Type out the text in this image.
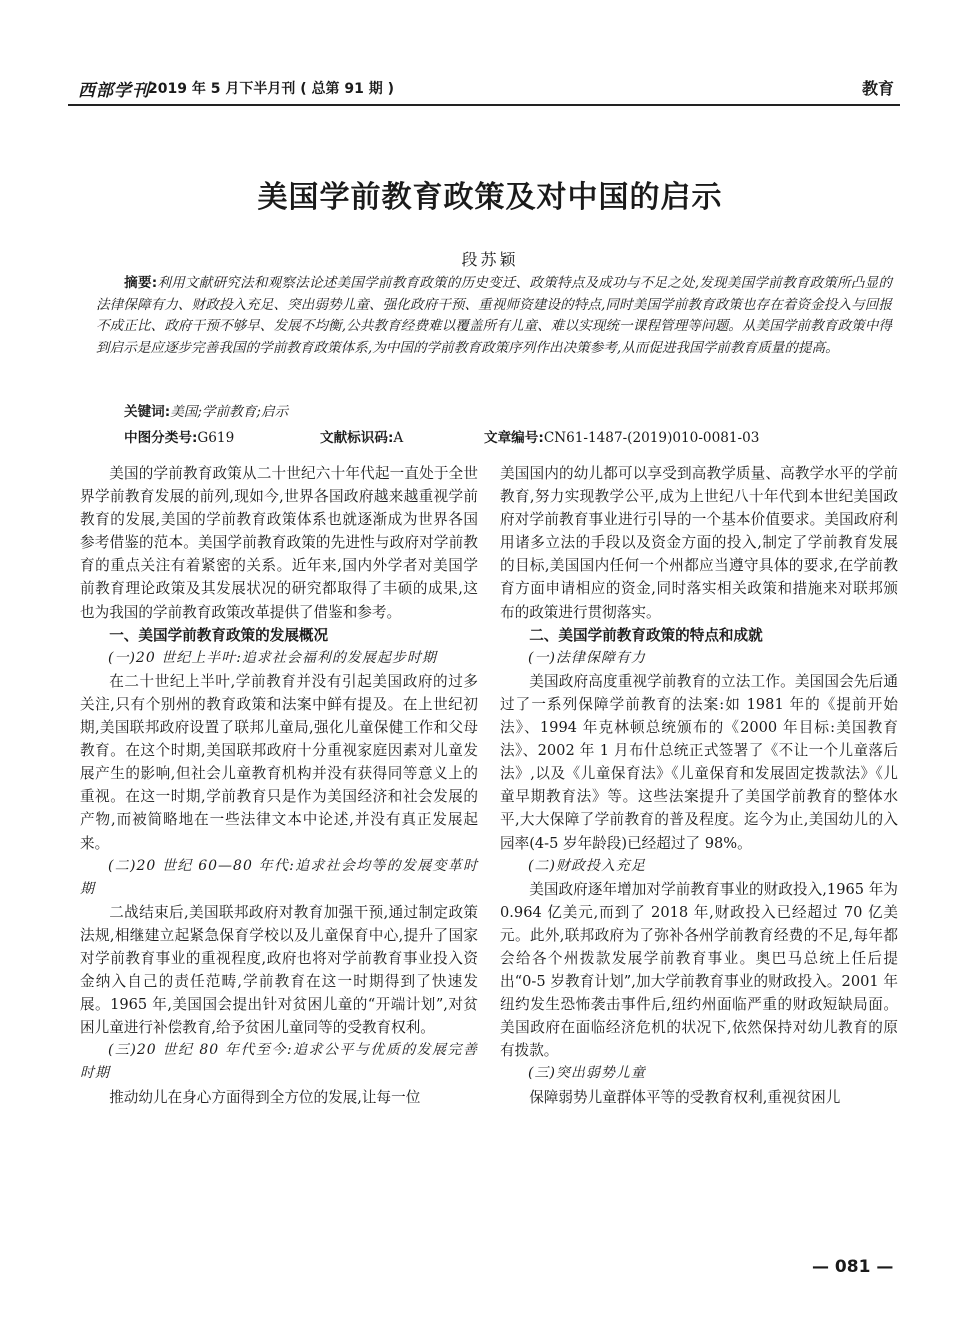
西部学刊
2019 年 5 月下半月刊 ( 总第 91 期 )	教育
美国学前教育政策及对中国的启示
段苏颖
摘要:利用文献研究法和观察法论述美国学前教育政策的历史变迁、政策特点及成功与不足之处,发现美国学前教育政策所凸显的法律保障有力、财政投入充足、突出弱势儿童、强化政府干预、重视师资建设的特点,同时美国学前教育政策也存在着资金投入与回报不成正比、政府干预不够早、发展不均衡,公共教育经费难以覆盖所有儿童、难以实现统一课程管理等问题。从美国学前教育政策中得到启示是应逐步完善我国的学前教育政策体系,为中国的学前教育政策序列作出决策参考,从而促进我国学前教育质量的提高。
关键词:美国;学前教育;启示
中图分类号:G619	文献标识码:A	文章编号:CN61-1487-(2019)010-0081-03

美国的学前教育政策从二十世纪六十年代起一直处于全世界学前教育发展的前列,现如今,世界各国政府越来越重视学前教育的发展,美国的学前教育政策体系也就逐渐成为世界各国参考借鉴的范本。美国学前教育政策的先进性与政府对学前教育的重点关注有着紧密的关系。近年来,国内外学者对美国学前教育理论政策及其发展状况的研究都取得了丰硕的成果,这也为我国的学前教育政策改革提供了借鉴和参考。

一、美国学前教育政策的发展概况
(一)20 世纪上半叶:追求社会福利的发展起步时期

在二十世纪上半叶,学前教育并没有引起美国政府的过多关注,只有个别州的教育政策和法案中鲜有提及。在上世纪初期,美国联邦政府设置了联邦儿童局,强化儿童保健工作和父母教育。在这个时期,美国联邦政府十分重视家庭因素对儿童发展产生的影响,但社会儿童教育机构并没有获得同等意义上的重视。在这一时期,学前教育只是作为美国经济和社会发展的产物,而被简略地在一些法律文本中论述,并没有真正发展起来。

(二)20 世纪 60—80 年代:追求社会均等的发展变革时期

二战结束后,美国联邦政府对教育加强干预,通过制定政策法规,相继建立起紧急保育学校以及儿童保育中心,提升了国家对学前教育事业的重视程度,政府也将对学前教育事业投入资金纳入自己的责任范畴,学前教育在这一时期得到了快速发展。1965 年,美国国会提出针对贫困儿童的“开端计划”,对贫困儿童进行补偿教育,给予贫困儿童同等的受教育权利。

(三)20 世纪 80 年代至今:追求公平与优质的发展完善时期

推动幼儿在身心方面得到全方位的发展,让每一位

美国国内的幼儿都可以享受到高教学质量、高教学水平的学前教育,努力实现教学公平,成为上世纪八十年代到本世纪美国政府对学前教育事业进行引导的一个基本价值要求。美国政府利用诸多立法的手段以及资金方面的投入,制定了学前教育发展的目标,美国国内任何一个州都应当遵守具体的要求,在学前教育方面申请相应的资金,同时落实相关政策和措施来对联邦颁布的政策进行贯彻落实。

二、美国学前教育政策的特点和成就
(一)法律保障有力

美国政府高度重视学前教育的立法工作。美国国会先后通过了一系列保障学前教育的法案:如 1981 年的《提前开始法》、1994 年克林顿总统颁布的《2000 年目标:美国教育法》、2002 年 1 月布什总统正式签署了《不让一个儿童落后法》,以及《儿童保育法》《儿童保育和发展固定拨款法》《儿童早期教育法》等。这些法案提升了美国学前教育的整体水平,大大保障了学前教育的普及程度。迄今为止,美国幼儿的入园率(4-5 岁年龄段)已经超过了 98%。

(二)财政投入充足

美国政府逐年增加对学前教育事业的财政投入,1965 年为 0.964 亿美元,而到了 2018 年,财政投入已经超过 70 亿美元。此外,联邦政府为了弥补各州学前教育经费的不足,每年都会给各个州拨款发展学前教育事业。奥巴马总统上任后提出“0-5 岁教育计划”,加大学前教育事业的财政投入。2001 年纽约发生恐怖袭击事件后,纽约州面临严重的财政短缺局面。美国政府在面临经济危机的状况下,依然保持对幼儿教育的原有拨款。

(三)突出弱势儿童

保障弱势儿童群体平等的受教育权利,重视贫困儿

— 081 —
